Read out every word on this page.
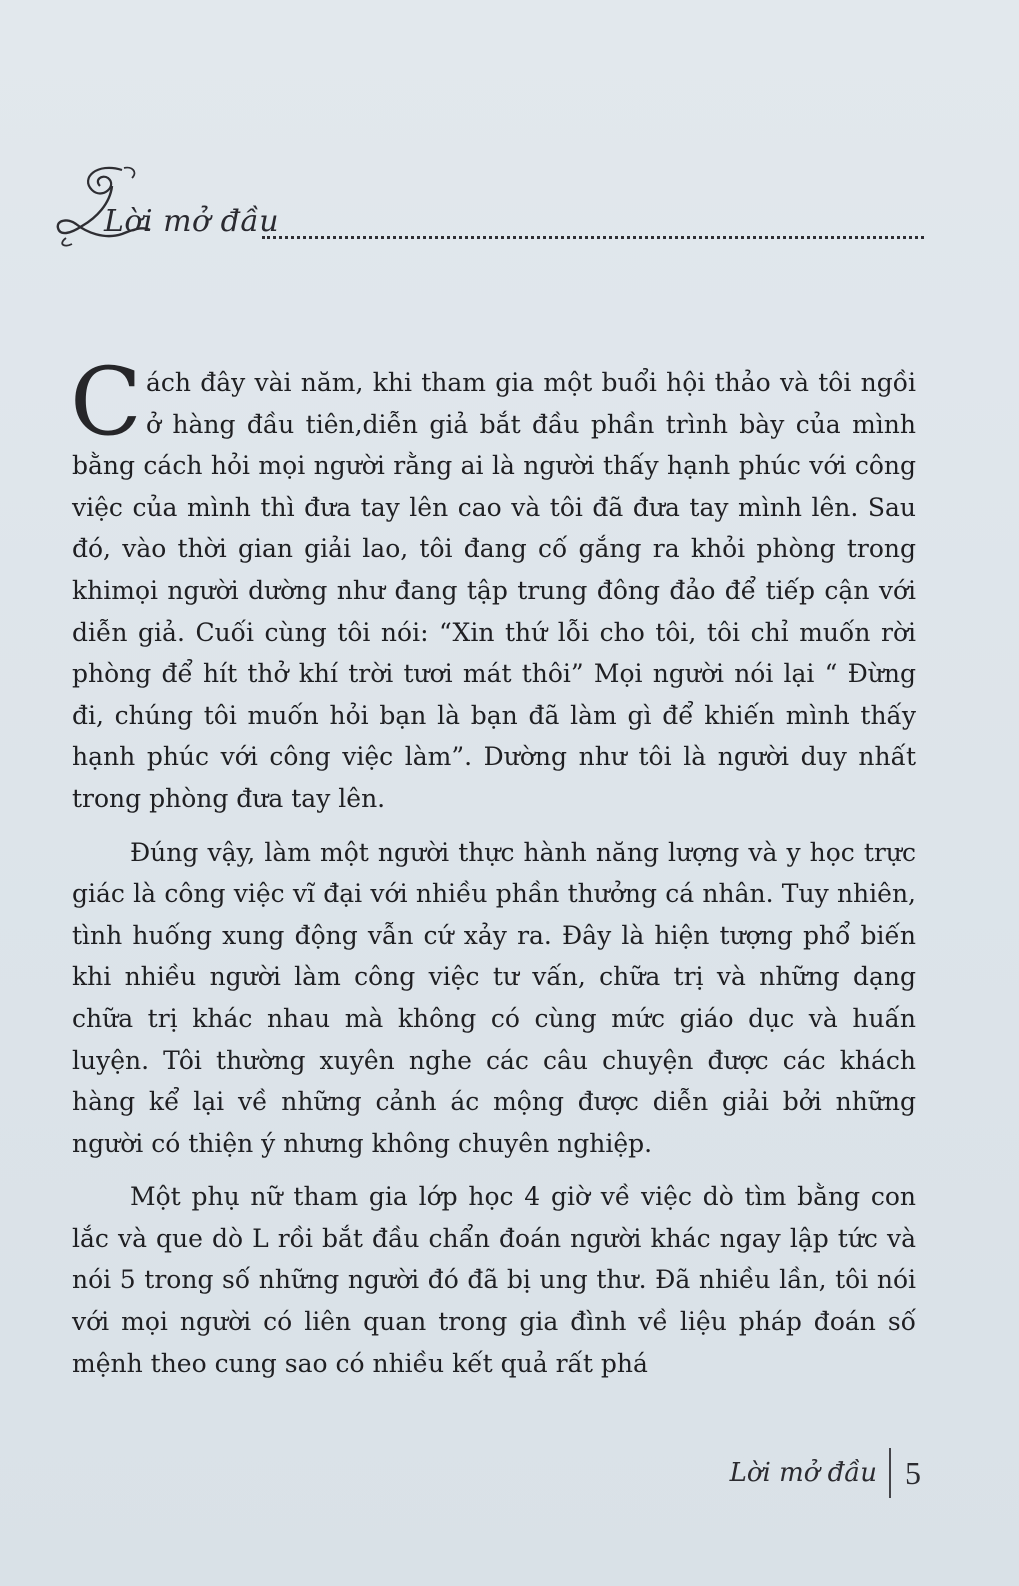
Lời mở đầu

Cách đây vài năm, khi tham gia một buổi hội thảo và tôi ngồi ở hàng đầu tiên,diễn giả bắt đầu phần trình bày của mình bằng cách hỏi mọi người rằng ai là người thấy hạnh phúc với công việc của mình thì đưa tay lên cao và tôi đã đưa tay mình lên. Sau đó, vào thời gian giải lao, tôi đang cố gắng ra khỏi phòng trong khimọi người dường như đang tập trung đông đảo để tiếp cận với diễn giả. Cuối cùng tôi nói: “Xin thứ lỗi cho tôi, tôi chỉ muốn rời phòng để hít thở khí trời tươi mát thôi” Mọi người nói lại “ Đừng đi, chúng tôi muốn hỏi bạn là bạn đã làm gì để khiến mình thấy hạnh phúc với công việc làm”. Dường như tôi là người duy nhất trong phòng đưa tay lên.

Đúng vậy, làm một người thực hành năng lượng và y học trực giác là công việc vĩ đại với nhiều phần thưởng cá nhân. Tuy nhiên, tình huống xung động vẫn cứ xảy ra. Đây là hiện tượng phổ biến khi nhiều người làm công việc tư vấn, chữa trị và những dạng chữa trị khác nhau mà không có cùng mức giáo dục và huấn luyện. Tôi thường xuyên nghe các câu chuyện được các khách hàng kể lại về những cảnh ác mộng được diễn giải bởi những người có thiện ý nhưng không chuyên nghiệp.

Một phụ nữ tham gia lớp học 4 giờ về việc dò tìm bằng con lắc và que dò L rồi bắt đầu chẩn đoán người khác ngay lập tức và nói 5 trong số những người đó đã bị ung thư. Đã nhiều lần, tôi nói với mọi người có liên quan trong gia đình về liệu pháp đoán số mệnh theo cung sao có nhiều kết quả rất phá

Lời mở đầu 5
